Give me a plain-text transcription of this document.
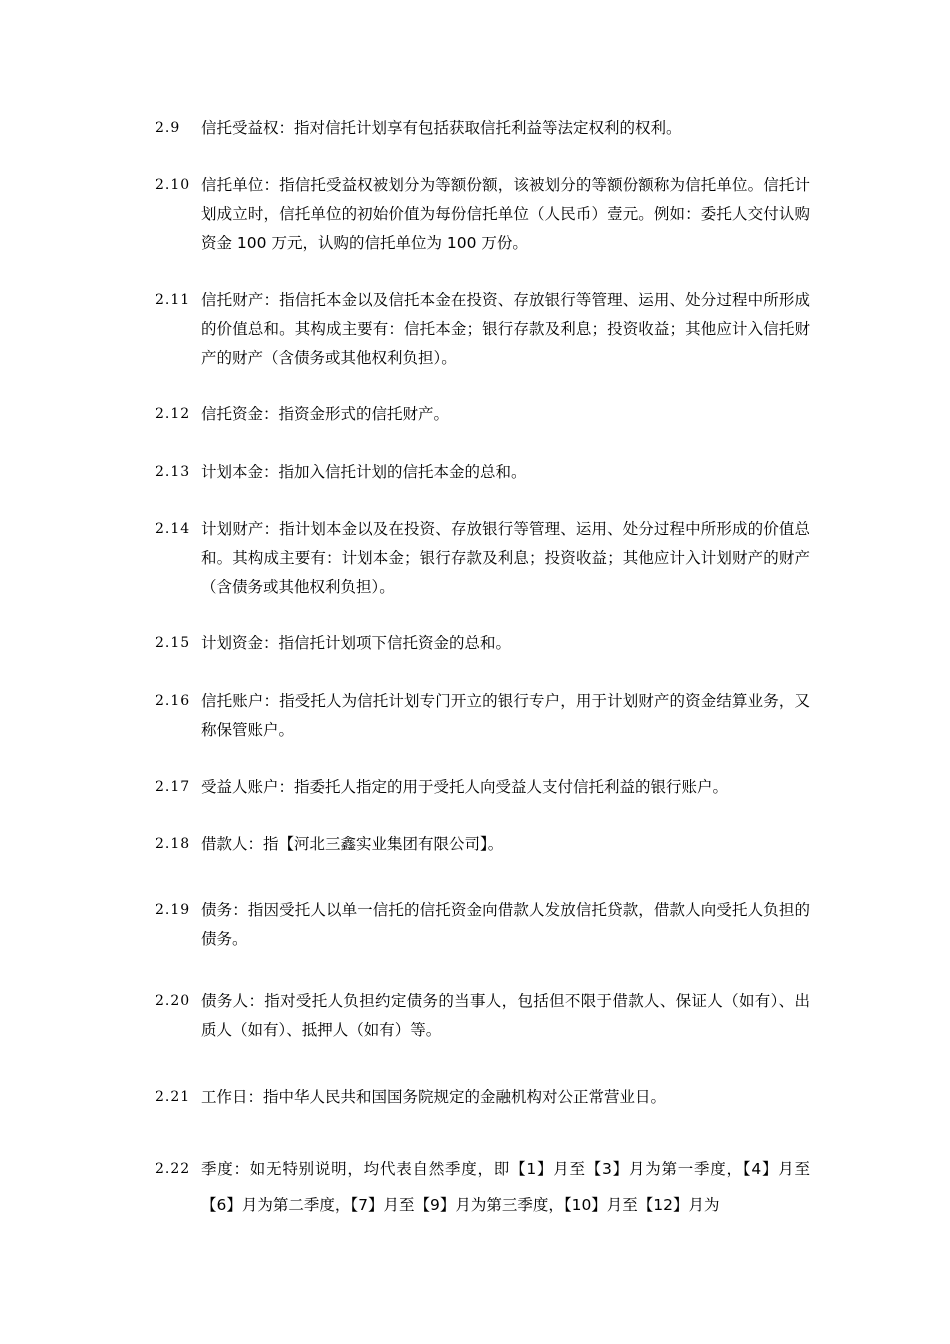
2.9	信托受益权：指对信托计划享有包括获取信托利益等法定权利的权利。
2.10 信托单位：指信托受益权被划分为等额份额，该被划分的等额份额称为信托单位。信托计划成立时，信托单位的初始价值为每份信托单位（人民币）壹元。例如：委托人交付认购资金 100 万元，认购的信托单位为 100 万份。
2.11 信托财产：指信托本金以及信托本金在投资、存放银行等管理、运用、处分过程中所形成的价值总和。其构成主要有：信托本金；银行存款及利息；投资收益；其他应计入信托财产的财产（含债务或其他权利负担）。
2.12 信托资金：指资金形式的信托财产。
2.13 计划本金：指加入信托计划的信托本金的总和。
2.14 计划财产：指计划本金以及在投资、存放银行等管理、运用、处分过程中所形成的价值总和。其构成主要有：计划本金；银行存款及利息；投资收益；其他应计入计划财产的财产（含债务或其他权利负担）。
2.15 计划资金：指信托计划项下信托资金的总和。
2.16 信托账户：指受托人为信托计划专门开立的银行专户，用于计划财产的资金结算业务，又称保管账户。
2.17 受益人账户：指委托人指定的用于受托人向受益人支付信托利益的银行账户。
2.18 借款人：指【河北三鑫实业集团有限公司】。
2.19 债务：指因受托人以单一信托的信托资金向借款人发放信托贷款，借款人向受托人负担的债务。
2.20 债务人：指对受托人负担约定债务的当事人，包括但不限于借款人、保证人（如有）、出质人（如有）、抵押人（如有）等。
2.21 工作日：指中华人民共和国国务院规定的金融机构对公正常营业日。
2.22 季度：如无特别说明，均代表自然季度，即【1】月至【3】月为第一季度，【4】月至【6】月为第二季度，【7】月至【9】月为第三季度，【10】月至【12】月为
